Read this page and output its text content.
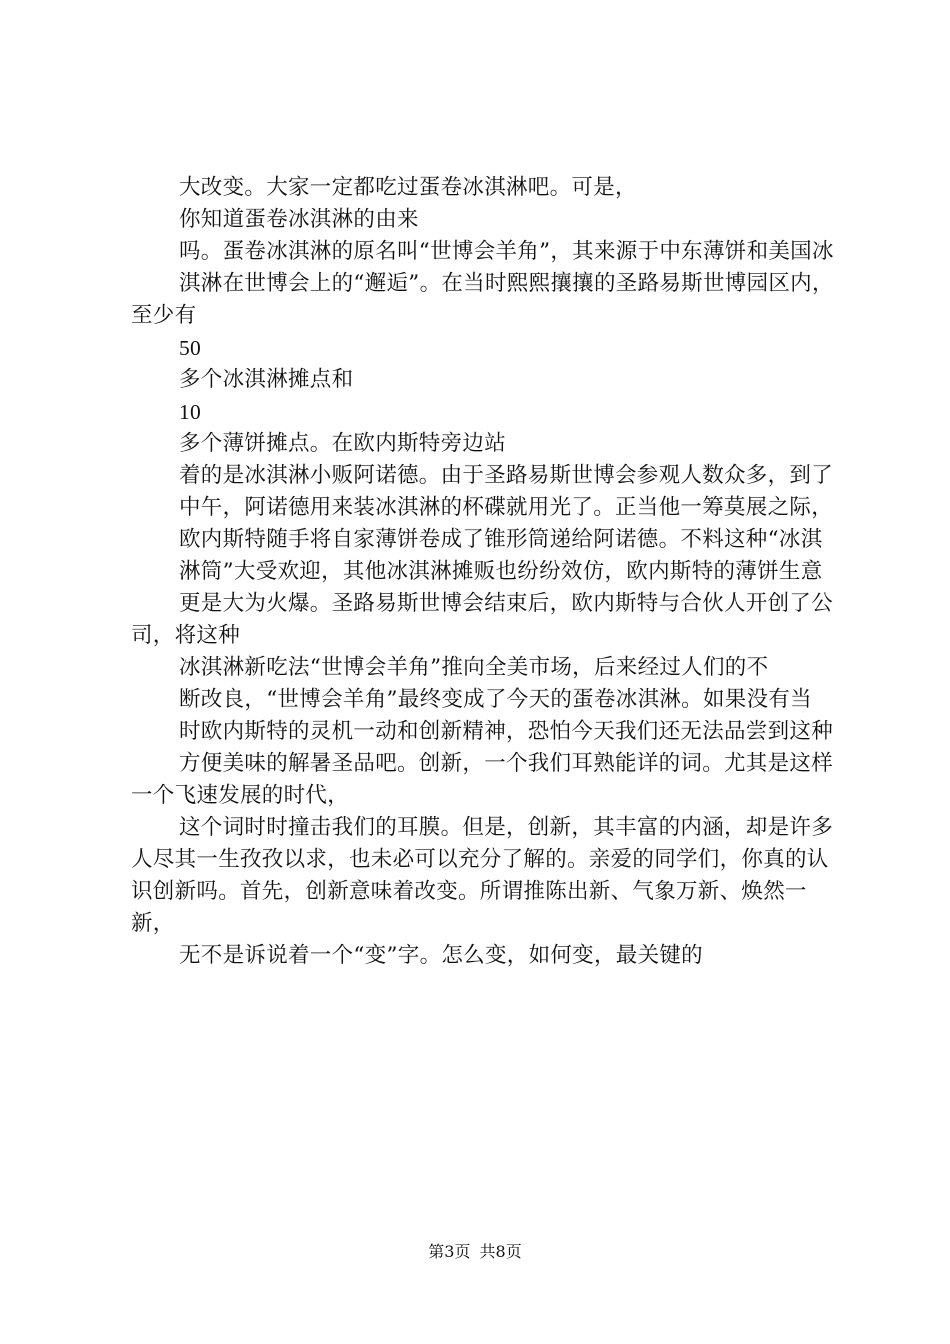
大改变。大家一定都吃过蛋卷冰淇淋吧。可是，

你知道蛋卷冰淇淋的由来

吗。蛋卷冰淇淋的原名叫“世博会羊角”，其来源于中东薄饼和美国冰

淇淋在世博会上的“邂逅”。在当时熙熙攘攘的圣路易斯世博园区内，至少有

50

多个冰淇淋摊点和

10

多个薄饼摊点。在欧内斯特旁边站

着的是冰淇淋小贩阿诺德。由于圣路易斯世博会参观人数众多，到了

中午，阿诺德用来装冰淇淋的杯碟就用光了。正当他一筹莫展之际，

欧内斯特随手将自家薄饼卷成了锥形筒递给阿诺德。不料这种“冰淇

淋筒”大受欢迎，其他冰淇淋摊贩也纷纷效仿，欧内斯特的薄饼生意

更是大为火爆。圣路易斯世博会结束后，欧内斯特与合伙人开创了公司，将这种

冰淇淋新吃法“世博会羊角”推向全美市场，后来经过人们的不

断改良，“世博会羊角”最终变成了今天的蛋卷冰淇淋。如果没有当

时欧内斯特的灵机一动和创新精神，恐怕今天我们还无法品尝到这种

方便美味的解暑圣品吧。创新，一个我们耳熟能详的词。尤其是这样一个飞速发展的时代，

这个词时时撞击我们的耳膜。但是，创新，其丰富的内涵，却是许多人尽其一生孜孜以求，也未必可以充分了解的。亲爱的同学们，你真的认识创新吗。首先，创新意味着改变。所谓推陈出新、气象万新、焕然一新，

无不是诉说着一个“变”字。怎么变，如何变，最关键的

第3页 共8页
